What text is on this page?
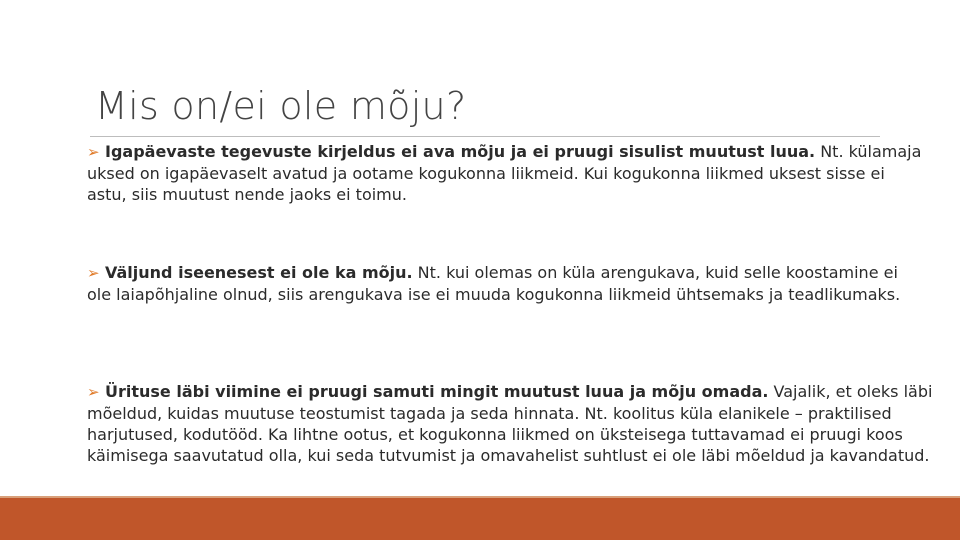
Mis on/ei ole mõju?
➢ Igapäevaste tegevuste kirjeldus ei ava mõju ja ei pruugi sisulist muutust luua. Nt. külamaja uksed on igapäevaselt avatud ja ootame kogukonna liikmeid. Kui kogukonna liikmed uksest sisse ei astu, siis muutust nende jaoks ei toimu.
➢ Väljund iseenesest ei ole ka mõju. Nt. kui olemas on küla arengukava, kuid selle koostamine ei ole laiapõhjaline olnud, siis arengukava ise ei muuda kogukonna liikmeid ühtsemaks ja teadlikumaks.
➢ Ürituse läbi viimine ei pruugi samuti mingit muutust luua ja mõju omada. Vajalik, et oleks läbi mõeldud, kuidas muutuse teostumist tagada ja seda hinnata. Nt. koolitus küla elanikele – praktilised harjutused, kodutööd. Ka lihtne ootus, et kogukonna liikmed on üksteisega tuttavamad ei pruugi koos käimisega saavutatud olla, kui seda tutvumist ja omavahelist suhtlust ei ole läbi mõeldud ja kavandatud.
